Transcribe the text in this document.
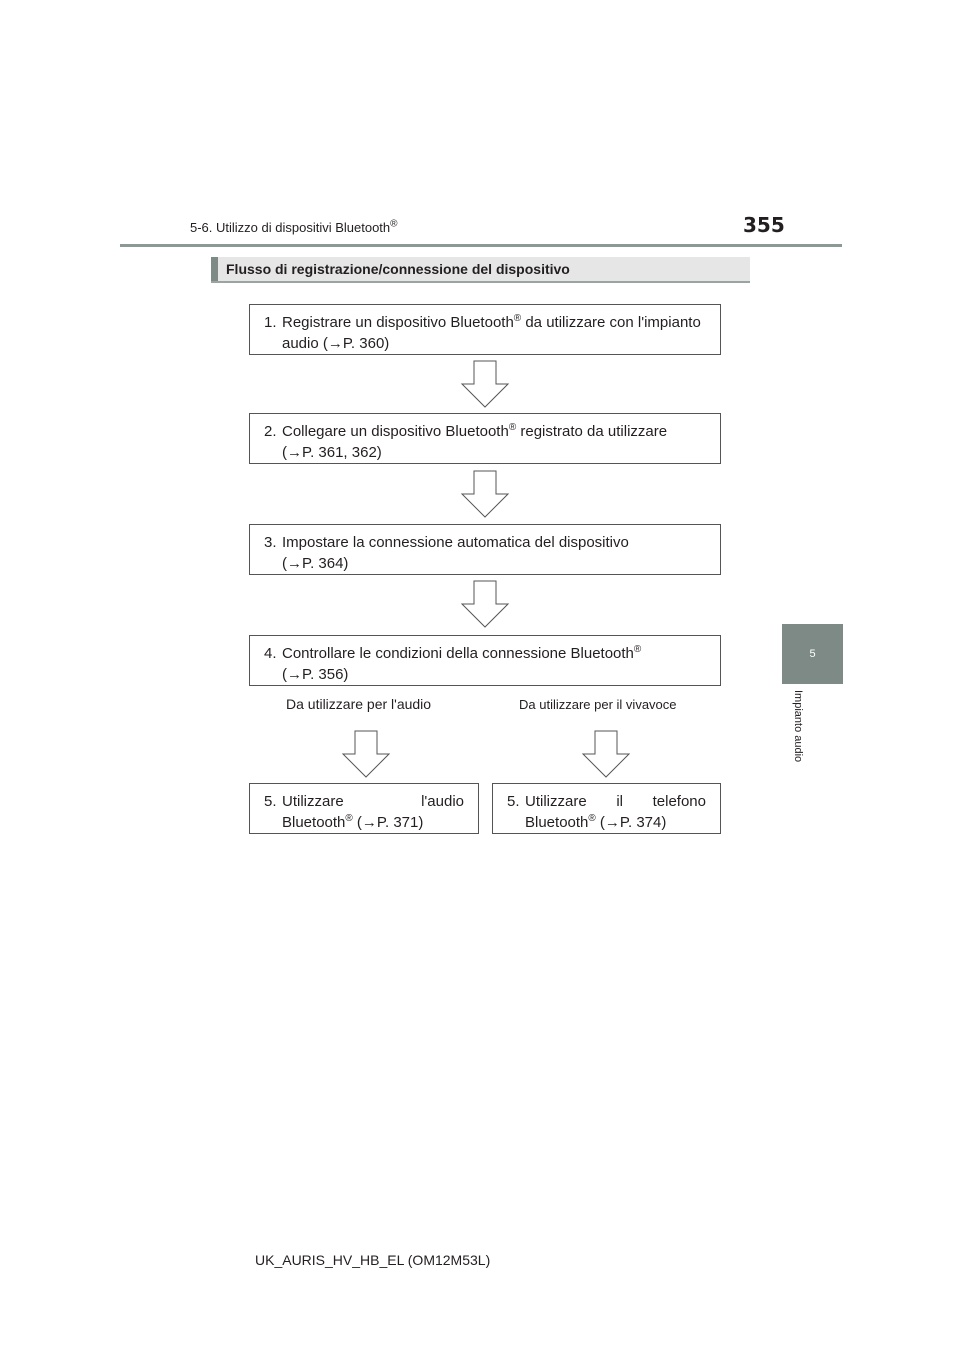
5-6. Utilizzo di dispositivi Bluetooth®	355
5
Impianto audio
Flusso di registrazione/connessione del dispositivo
1. Registrare un dispositivo Bluetooth® da utilizzare con l'impianto
audio (→P. 360)
2. Collegare un dispositivo Bluetooth® registrato da utilizzare
(→P. 361, 362)
3. Impostare la connessione automatica del dispositivo
(→P. 364)
4. Controllare le condizioni della connessione Bluetooth®
(→P. 356)
Da utilizzare per l'audio	Da utilizzare per il vivavoce
5. Utilizzare	l'audio
Bluetooth® (→P. 371)
5. Utilizzare il telefono
Bluetooth® (→P. 374)
UK_AURIS_HV_HB_EL (OM12M53L)
